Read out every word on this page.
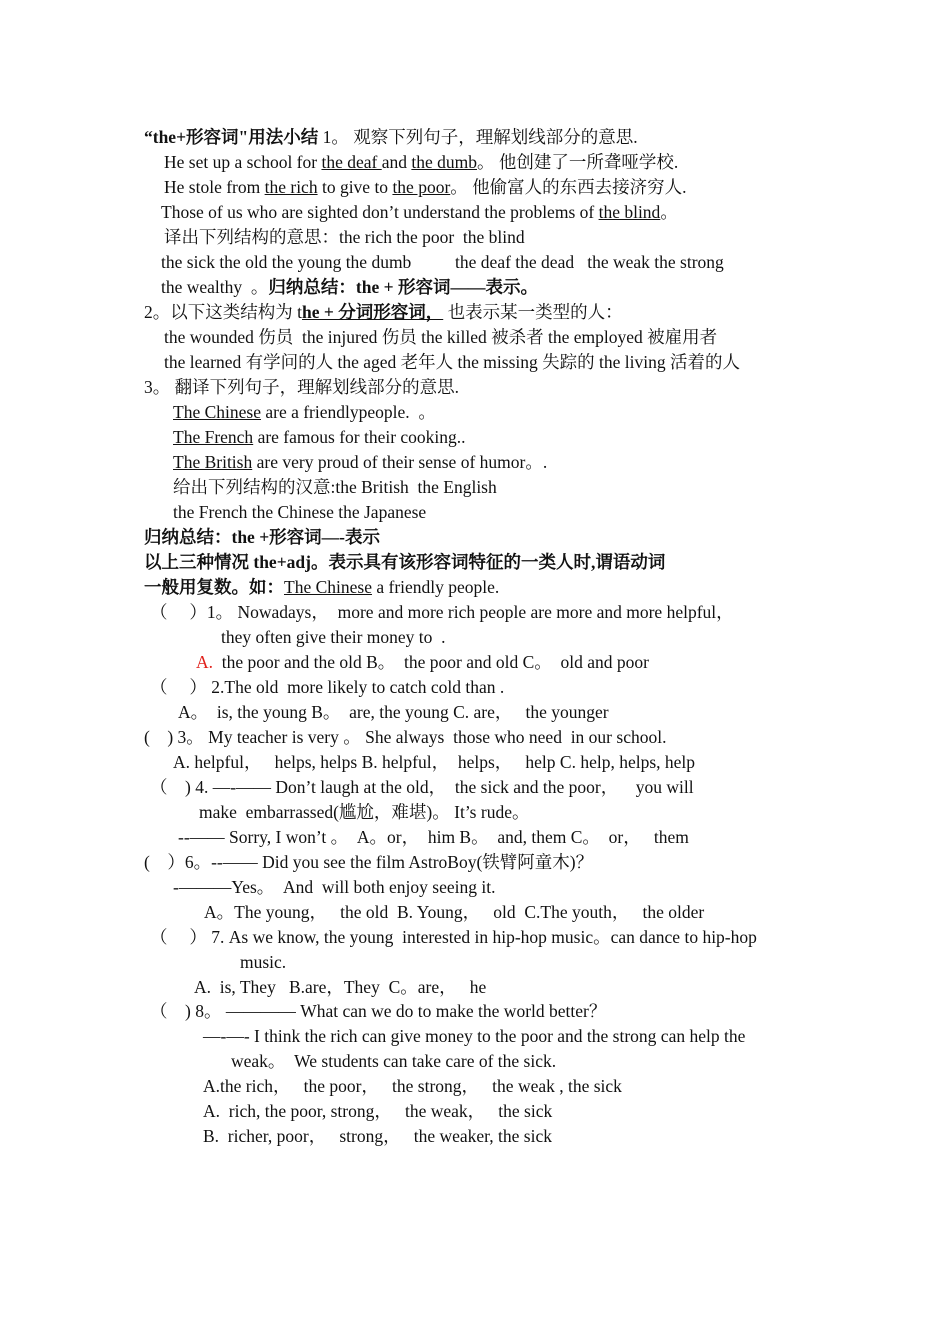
“the+形容词"用法小结 1。 观察下列句子，理解划线部分的意思.
He set up a school for the deaf and the dumb。 他创建了一所聋哑学校.
He stole from the rich to give to the poor。 他偷富人的东西去接济穷人.
Those of us who are sighted don’t understand the problems of the blind。
译出下列结构的意思：the rich the poor  the blind
the sick the old the young the dumb          the deaf the dead   the weak the strong
the wealthy  。归纳总结：the + 形容词——表示。
2。以下这类结构为 the + 分词形容词， 也表示某一类型的人：
the wounded 伤员  the injured 伤员 the killed 被杀者 the employed 被雇用者
the learned 有学问的人 the aged 老年人 the missing 失踪的 the living 活着的人
3。 翻译下列句子，理解划线部分的意思.
The Chinese are a friendlypeople.  。
The French are famous for their cooking..
The British are very proud of their sense of humor。.
给出下列结构的汉意:the British  the English
the French the Chinese the Japanese
归纳总结：the +形容词—-表示
以上三种情况 the+adj。表示具有该形容词特征的一类人时,谓语动词
一般用复数。如：The Chinese a friendly people.
（     ）1。 Nowadays，  more and more rich people are more and more helpful，
they often give their money to  .
A.  the poor and the old B。  the poor and old C。  old and poor
（     ） 2.The old  more likely to catch cold than .
A。  is, the young B。  are, the young C. are，   the younger
(    ) 3。 My teacher is very 。 She always  those who need  in our school.
A. helpful，   helps, helps B. helpful，  helps，   help C. help, helps, help
（    ) 4. —-—— Don’t laugh at the old，  the sick and the poor，    you will
make  embarrassed(尴尬，难堪)。 It’s rude。
--—— Sorry, I won’t 。  A。or，  him B。  and, them C。  or，   them
(    ）6。--—— Did you see the film AstroBoy(铁臂阿童木)？
-———Yes。  And  will both enjoy seeing it.
A。The young，   the old  B. Young，   old  C.The youth，   the older
（     ） 7. As we know, the young  interested in hip-hop music。can dance to hip-hop
music.
A.  is, They   B.are，They  C。are，   he
（    ) 8。 ———— What can we do to make the world better？
—-—- I think the rich can give money to the poor and the strong can help the
weak。  We students can take care of the sick.
A.the rich，   the poor，   the strong，   the weak , the sick
A.  rich, the poor, strong，   the weak，   the sick
B.  richer, poor，   strong，   the weaker, the sick
